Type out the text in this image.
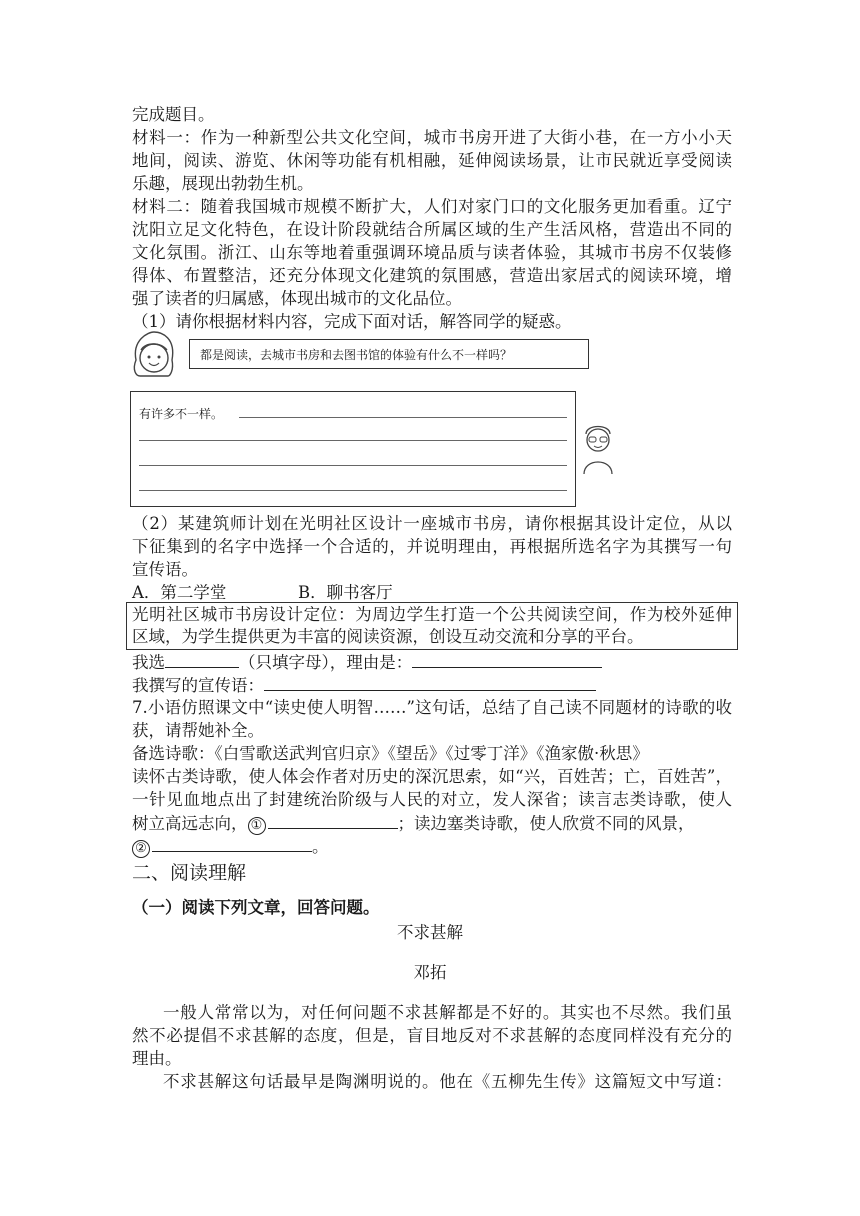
完成题目。
材料一：作为一种新型公共文化空间，城市书房开进了大街小巷，在一方小小天
地间，阅读、游览、休闲等功能有机相融，延伸阅读场景，让市民就近享受阅读
乐趣，展现出勃勃生机。
材料二：随着我国城市规模不断扩大，人们对家门口的文化服务更加看重。辽宁
沈阳立足文化特色，在设计阶段就结合所属区域的生产生活风格，营造出不同的
文化氛围。浙江、山东等地着重强调环境品质与读者体验，其城市书房不仅装修
得体、布置整洁，还充分体现文化建筑的氛围感，营造出家居式的阅读环境，增
强了读者的归属感，体现出城市的文化品位。
（1）请你根据材料内容，完成下面对话，解答同学的疑惑。
都是阅读，去城市书房和去图书馆的体验有什么不一样吗？
有许多不一样。
（2）某建筑师计划在光明社区设计一座城市书房，请你根据其设计定位，从以
下征集到的名字中选择一个合适的，并说明理由，再根据所选名字为其撰写一句
宣传语。
A．第二学堂	B．聊书客厅
光明社区城市书房设计定位：为周边学生打造一个公共阅读空间，作为校外延伸
区域，为学生提供更为丰富的阅读资源，创设互动交流和分享的平台。
我选	（只填字母），理由是：
我撰写的宣传语：
7.小语仿照课文中“读史使人明智……”这句话，总结了自己读不同题材的诗歌的收
获，请帮她补全。
备选诗歌：《白雪歌送武判官归京》《望岳》《过零丁洋》《渔家傲·秋思》
读怀古类诗歌，使人体会作者对历史的深沉思索，如“兴，百姓苦；亡，百姓苦”，
一针见血地点出了封建统治阶级与人民的对立，发人深省；读言志类诗歌，使人
树立高远志向， ①	；读边塞类诗歌，使人欣赏不同的风景，
②	。
二、阅读理解
（一）阅读下列文章，回答问题。
不求甚解
邓拓
一般人常常以为，对任何问题不求甚解都是不好的。其实也不尽然。我们虽
然不必提倡不求甚解的态度，但是，盲目地反对不求甚解的态度同样没有充分的
理由。
不求甚解这句话最早是陶渊明说的。他在《五柳先生传》这篇短文中写道：
